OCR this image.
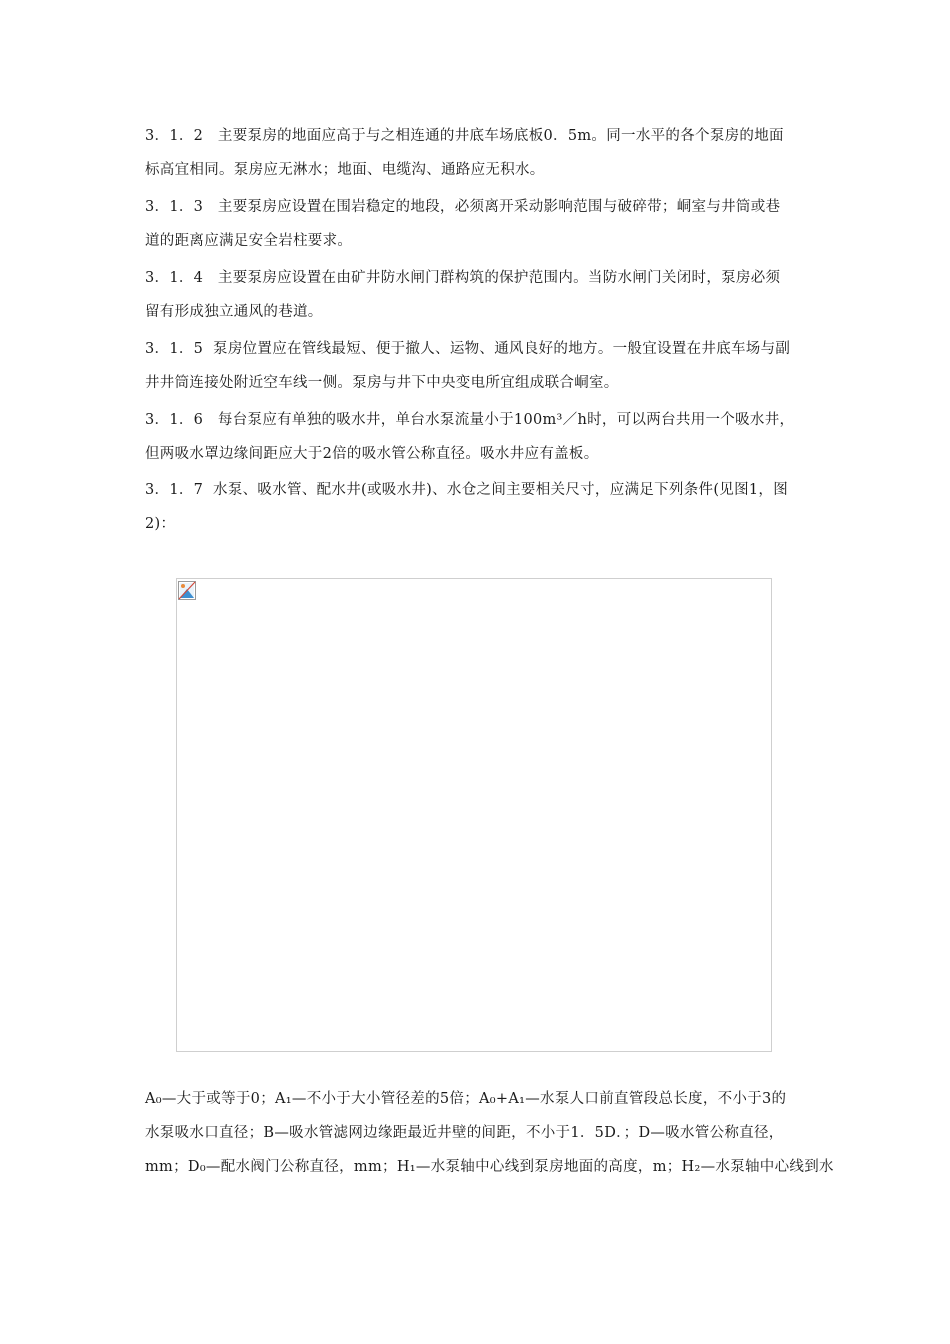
3．1．2 主要泵房的地面应高于与之相连通的井底车场底板0．5m。同一水平的各个泵房的地面
标高宜相同。泵房应无淋水；地面、电缆沟、通路应无积水。
3．1．3 主要泵房应设置在围岩稳定的地段，必须离开采动影响范围与破碎带；峒室与井筒或巷
道的距离应满足安全岩柱要求。
3．1．4 主要泵房应设置在由矿井防水闸门群构筑的保护范围内。当防水闸门关闭时，泵房必须
留有形成独立通风的巷道。
3．1．5 泵房位置应在管线最短、便于撤人、运物、通风良好的地方。一般宜设置在井底车场与副
井井筒连接处附近空车线一侧。泵房与井下中央变电所宜组成联合峒室。
3．1．6 每台泵应有单独的吸水井，单台水泵流量小于100m³／h时，可以两台共用一个吸水井，
但两吸水罩边缘间距应大于2倍的吸水管公称直径。吸水井应有盖板。
3．1．7 水泵、吸水管、配水井(或吸水井)、水仓之间主要相关尺寸，应满足下列条件(见图1，图
2)：
A₀—大于或等于0；A₁—不小于大小管径差的5倍；A₀+A₁—水泵人口前直管段总长度，不小于3的
水泵吸水口直径；B—吸水管滤网边缘距最近井壁的间距，不小于1．5D．；D—吸水管公称直径，
mm；D₀—配水阀门公称直径，mm；H₁—水泵轴中心线到泵房地面的高度，m；H₂—水泵轴中心线到水
